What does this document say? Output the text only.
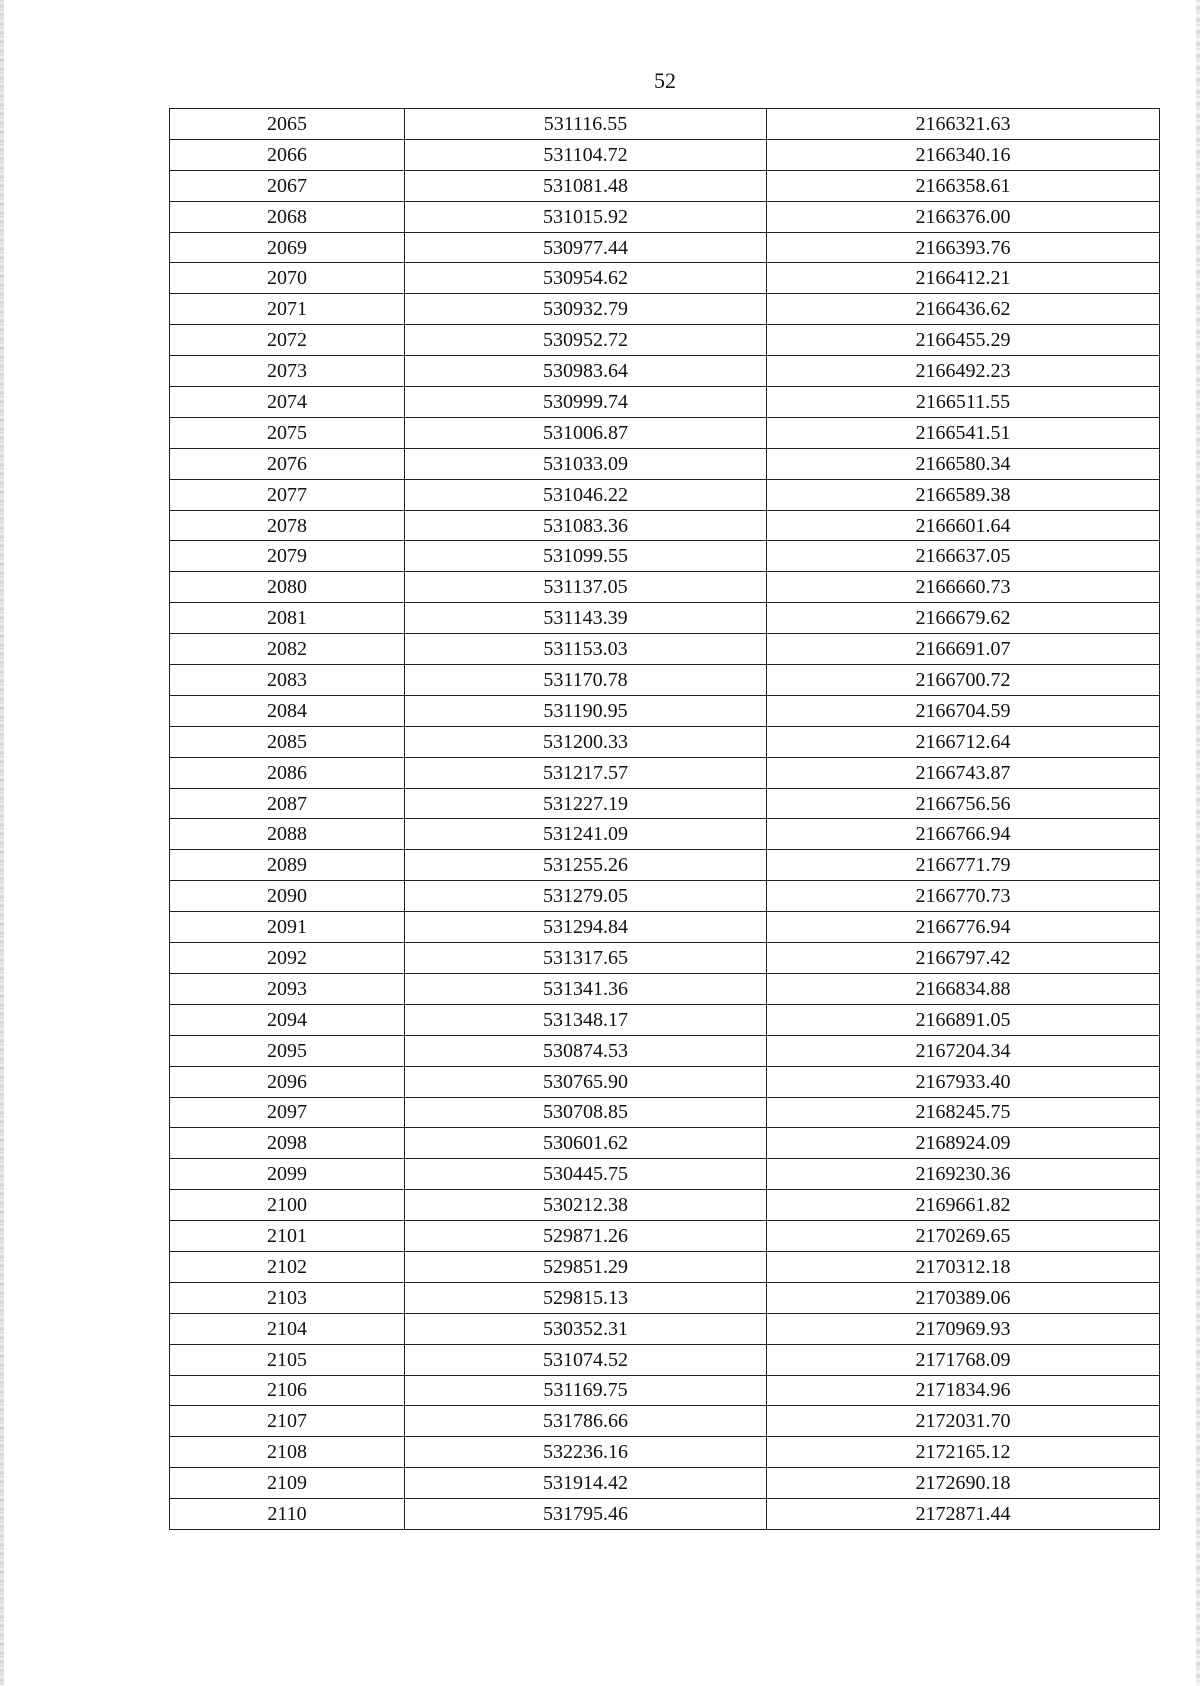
52
2065	531116.55	2166321.63
2066	531104.72	2166340.16
2067	531081.48	2166358.61
2068	531015.92	2166376.00
2069	530977.44	2166393.76
2070	530954.62	2166412.21
2071	530932.79	2166436.62
2072	530952.72	2166455.29
2073	530983.64	2166492.23
2074	530999.74	2166511.55
2075	531006.87	2166541.51
2076	531033.09	2166580.34
2077	531046.22	2166589.38
2078	531083.36	2166601.64
2079	531099.55	2166637.05
2080	531137.05	2166660.73
2081	531143.39	2166679.62
2082	531153.03	2166691.07
2083	531170.78	2166700.72
2084	531190.95	2166704.59
2085	531200.33	2166712.64
2086	531217.57	2166743.87
2087	531227.19	2166756.56
2088	531241.09	2166766.94
2089	531255.26	2166771.79
2090	531279.05	2166770.73
2091	531294.84	2166776.94
2092	531317.65	2166797.42
2093	531341.36	2166834.88
2094	531348.17	2166891.05
2095	530874.53	2167204.34
2096	530765.90	2167933.40
2097	530708.85	2168245.75
2098	530601.62	2168924.09
2099	530445.75	2169230.36
2100	530212.38	2169661.82
2101	529871.26	2170269.65
2102	529851.29	2170312.18
2103	529815.13	2170389.06
2104	530352.31	2170969.93
2105	531074.52	2171768.09
2106	531169.75	2171834.96
2107	531786.66	2172031.70
2108	532236.16	2172165.12
2109	531914.42	2172690.18
2110	531795.46	2172871.44
